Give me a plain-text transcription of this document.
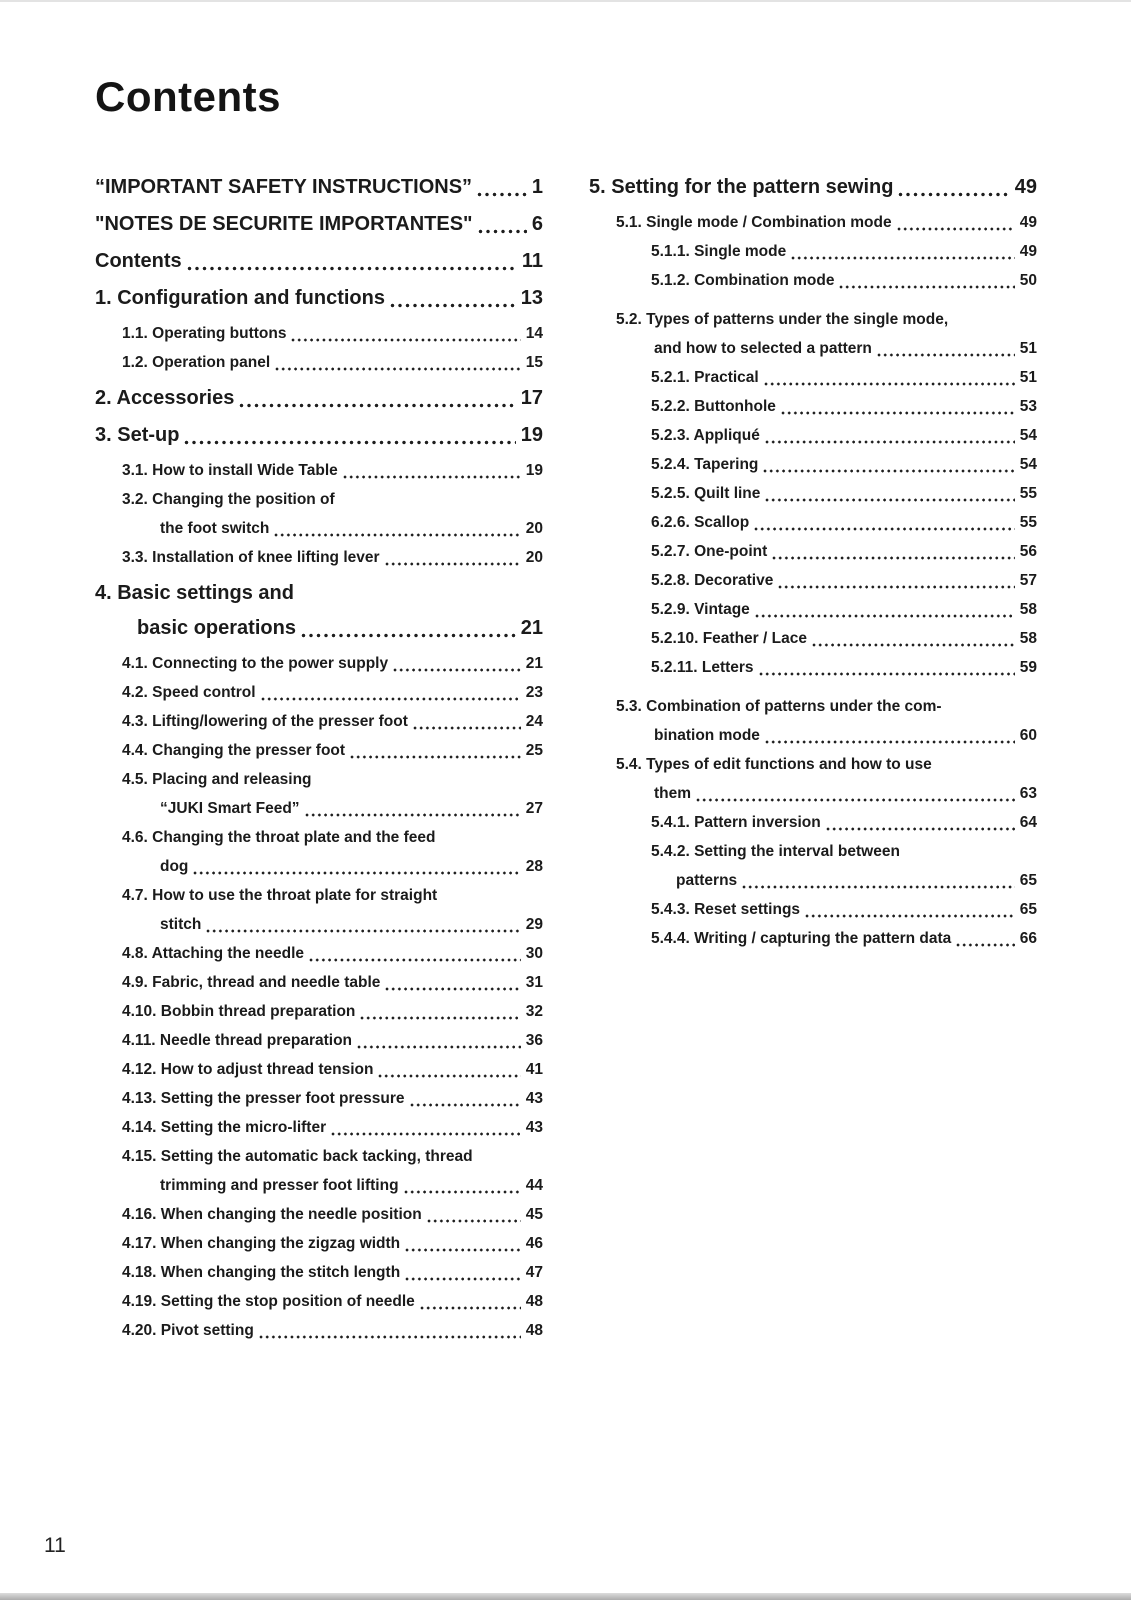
Contents
“IMPORTANT SAFETY INSTRUCTIONS”	1
"NOTES DE SECURITE IMPORTANTES"	6
Contents	11
1. Configuration and functions	13
1.1. Operating buttons	14
1.2. Operation panel	15
2. Accessories	17
3. Set-up	19
3.1. How to install Wide Table	19
3.2. Changing the position of
the foot switch	20
3.3. Installation of knee lifting lever	20
4. Basic settings and
basic operations	21
4.1. Connecting to the power supply	21
4.2. Speed control	23
4.3. Lifting/lowering of the presser foot	24
4.4. Changing the presser foot	25
4.5. Placing and releasing
“JUKI Smart Feed”	27
4.6. Changing the throat plate and the feed
dog	28
4.7. How to use the throat plate for straight
stitch	29
4.8. Attaching the needle	30
4.9. Fabric, thread and needle table	31
4.10. Bobbin thread preparation	32
4.11. Needle thread preparation	36
4.12. How to adjust thread tension	41
4.13. Setting the presser foot pressure	43
4.14. Setting the micro-lifter	43
4.15. Setting the automatic back tacking, thread
trimming and presser foot lifting	44
4.16. When changing the needle position	45
4.17. When changing the zigzag width	46
4.18. When changing the stitch length	47
4.19. Setting the stop position of needle	48
4.20. Pivot setting	48
5. Setting for the pattern sewing	49
5.1. Single mode / Combination mode	49
5.1.1. Single mode	49
5.1.2. Combination mode	50
5.2. Types of patterns under the single mode,
and how to selected a pattern	51
5.2.1. Practical	51
5.2.2. Buttonhole	53
5.2.3. Appliqué	54
5.2.4. Tapering	54
5.2.5. Quilt line	55
6.2.6. Scallop	55
5.2.7. One-point	56
5.2.8. Decorative	57
5.2.9. Vintage	58
5.2.10. Feather / Lace	58
5.2.11. Letters	59
5.3. Combination of patterns under the com-
bination mode	60
5.4. Types of edit functions and how to use
them	63
5.4.1. Pattern inversion	64
5.4.2. Setting the interval between
patterns	65
5.4.3. Reset settings	65
5.4.4. Writing / capturing the pattern data	66
11
